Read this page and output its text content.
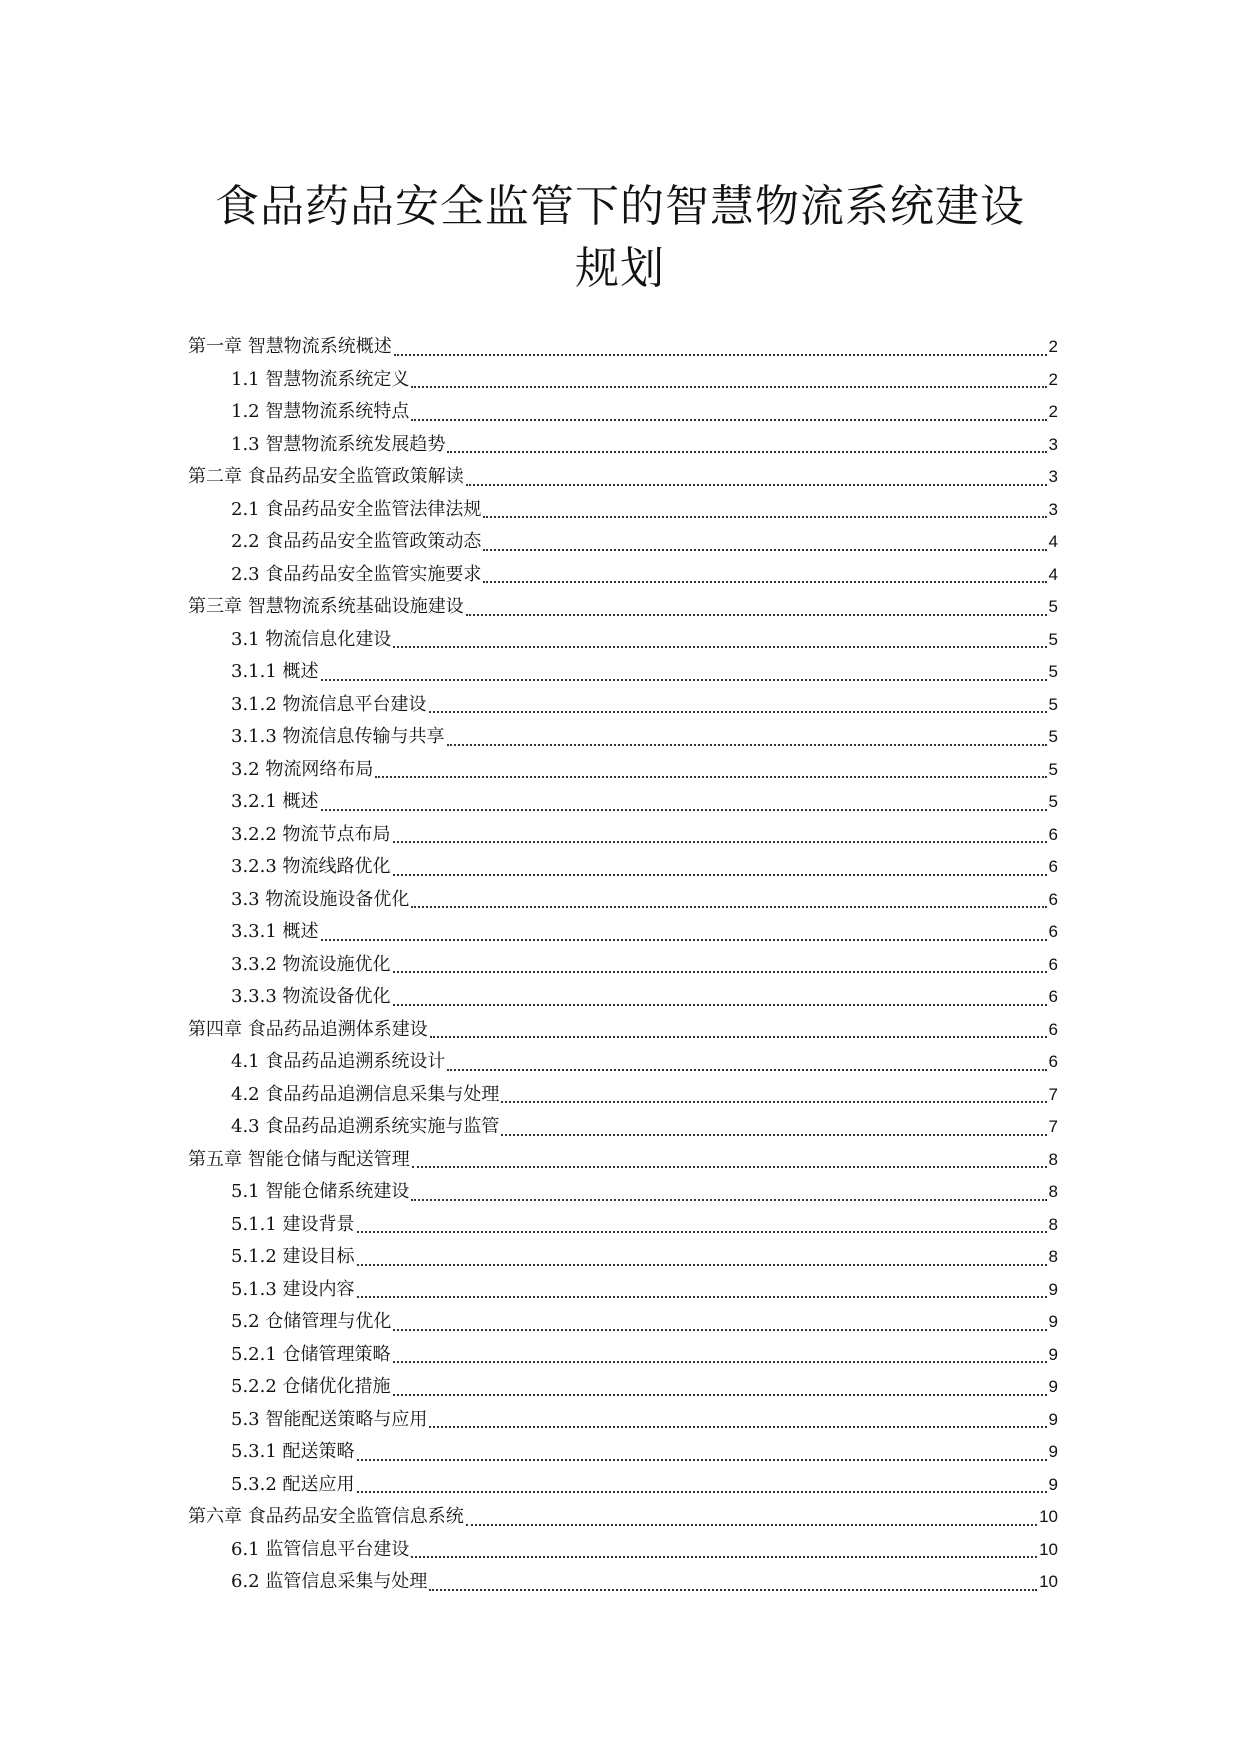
食品药品安全监管下的智慧物流系统建设
规划
第一章 智慧物流系统概述	2
1.1 智慧物流系统定义	2
1.2 智慧物流系统特点	2
1.3 智慧物流系统发展趋势	3
第二章 食品药品安全监管政策解读	3
2.1 食品药品安全监管法律法规	3
2.2 食品药品安全监管政策动态	4
2.3 食品药品安全监管实施要求	4
第三章 智慧物流系统基础设施建设	5
3.1 物流信息化建设	5
3.1.1 概述	5
3.1.2 物流信息平台建设	5
3.1.3 物流信息传输与共享	5
3.2 物流网络布局	5
3.2.1 概述	5
3.2.2 物流节点布局	6
3.2.3 物流线路优化	6
3.3 物流设施设备优化	6
3.3.1 概述	6
3.3.2 物流设施优化	6
3.3.3 物流设备优化	6
第四章 食品药品追溯体系建设	6
4.1 食品药品追溯系统设计	6
4.2 食品药品追溯信息采集与处理	7
4.3 食品药品追溯系统实施与监管	7
第五章 智能仓储与配送管理	8
5.1 智能仓储系统建设	8
5.1.1 建设背景	8
5.1.2 建设目标	8
5.1.3 建设内容	9
5.2 仓储管理与优化	9
5.2.1 仓储管理策略	9
5.2.2 仓储优化措施	9
5.3 智能配送策略与应用	9
5.3.1 配送策略	9
5.3.2 配送应用	9
第六章 食品药品安全监管信息系统	10
6.1 监管信息平台建设	10
6.2 监管信息采集与处理	10
